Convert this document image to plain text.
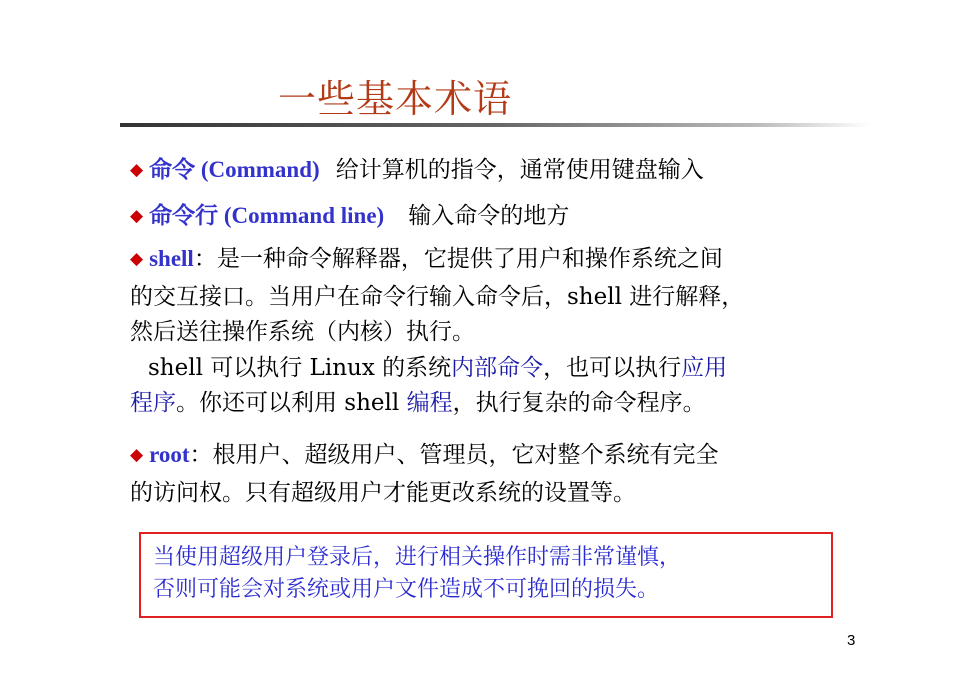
一些基本术语
◆ 命令 (Command) 给计算机的指令，通常使用键盘输入
◆ 命令行 (Command line) 输入命令的地方
◆ shell：是一种命令解释器，它提供了用户和操作系统之间
的交互接口。当用户在命令行输入命令后，shell 进行解释，
然后送往操作系统（内核）执行。
shell 可以执行 Linux 的系统内部命令，也可以执行应用
程序。你还可以利用 shell 编程，执行复杂的命令程序。
◆ root：根用户、超级用户、管理员，它对整个系统有完全
的访问权。只有超级用户才能更改系统的设置等。
当使用超级用户登录后，进行相关操作时需非常谨慎，
否则可能会对系统或用户文件造成不可挽回的损失。
3
